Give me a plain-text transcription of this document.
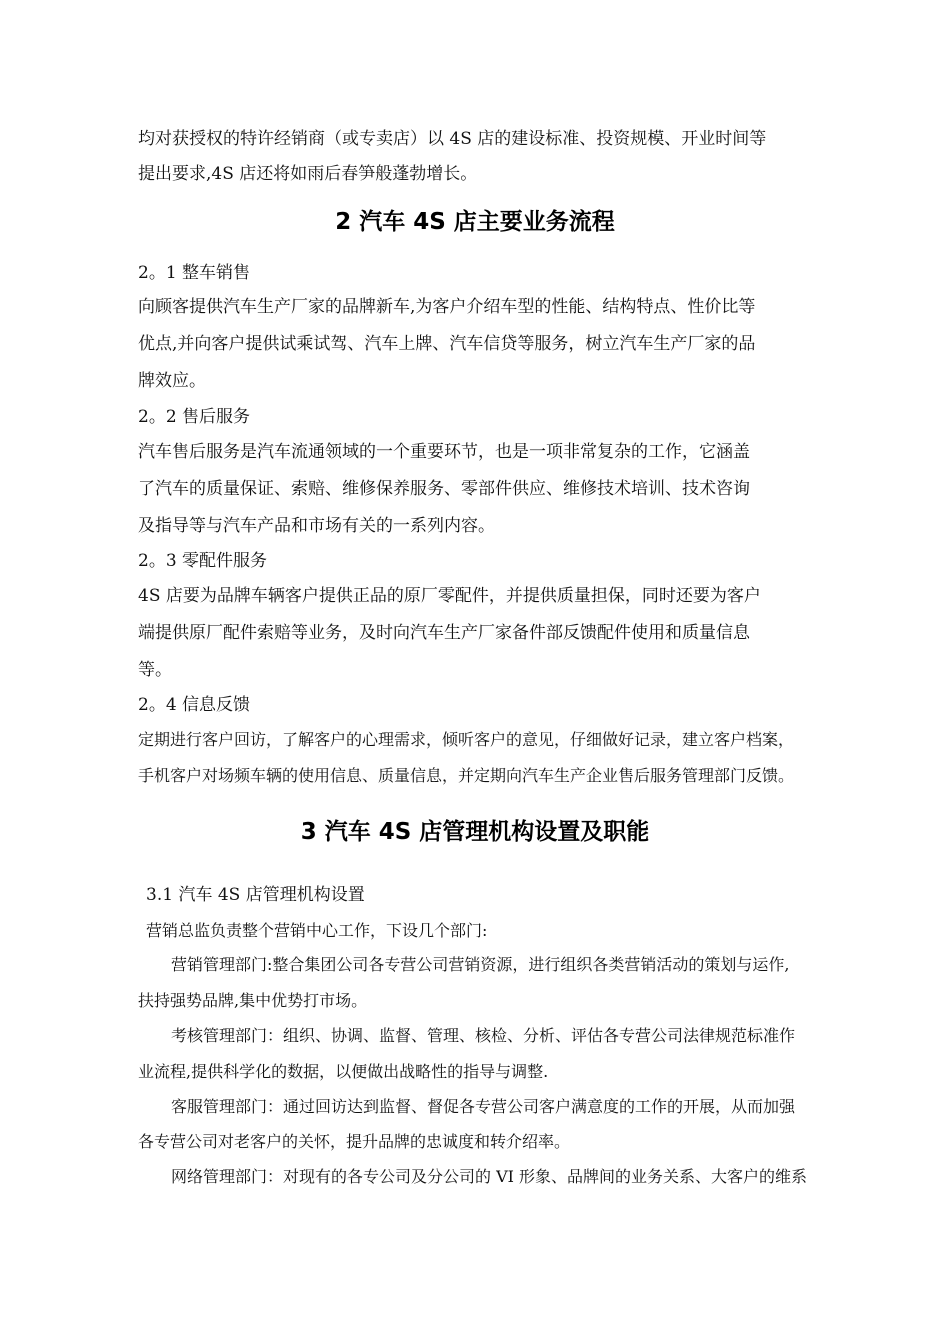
均对获授权的特许经销商（或专卖店）以 4S 店的建设标准、投资规模、开业时间等
提出要求,4S 店还将如雨后春笋般蓬勃增长。
2 汽车 4S 店主要业务流程
2。1 整车销售
向顾客提供汽车生产厂家的品牌新车,为客户介绍车型的性能、结构特点、性价比等
优点,并向客户提供试乘试驾、汽车上牌、汽车信贷等服务，树立汽车生产厂家的品
牌效应。
2。2 售后服务
汽车售后服务是汽车流通领域的一个重要环节，也是一项非常复杂的工作，它涵盖
了汽车的质量保证、索赔、维修保养服务、零部件供应、维修技术培训、技术咨询
及指导等与汽车产品和市场有关的一系列内容。
2。3 零配件服务
4S 店要为品牌车辆客户提供正品的原厂零配件，并提供质量担保，同时还要为客户
端提供原厂配件索赔等业务，及时向汽车生产厂家备件部反馈配件使用和质量信息
等。
2。4 信息反馈
定期进行客户回访，了解客户的心理需求，倾听客户的意见，仔细做好记录，建立客户档案，
手机客户对场频车辆的使用信息、质量信息，并定期向汽车生产企业售后服务管理部门反馈。
3 汽车 4S 店管理机构设置及职能
3.1 汽车 4S 店管理机构设置
营销总监负责整个营销中心工作，下设几个部门:
营销管理部门:整合集团公司各专营公司营销资源，进行组织各类营销活动的策划与运作,
扶持强势品牌,集中优势打市场。
考核管理部门：组织、协调、监督、管理、核检、分析、评估各专营公司法律规范标准作
业流程,提供科学化的数据，以便做出战略性的指导与调整.
客服管理部门：通过回访达到监督、督促各专营公司客户满意度的工作的开展，从而加强
各专营公司对老客户的关怀，提升品牌的忠诚度和转介绍率。
网络管理部门：对现有的各专公司及分公司的 VI 形象、品牌间的业务关系、大客户的维系
